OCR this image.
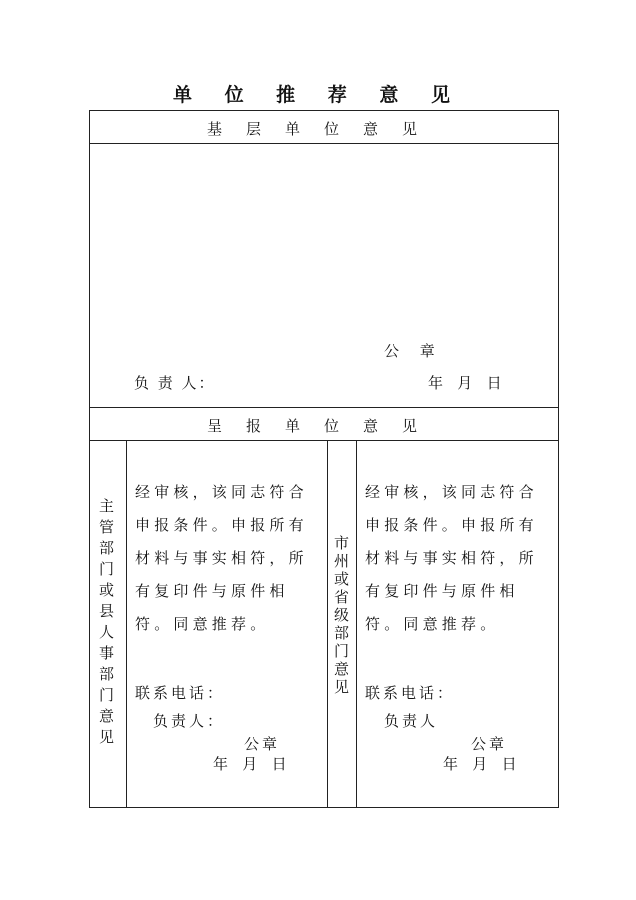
单 位 推 荐 意 见
基层单位意见
公 章
负 责 人：	年   月   日
呈报单位意见
主管部门或县人事部门意见
经审核，该同志符合申报条件。申报所有材料与事实相符，所有复印件与原件相符。同意推荐。
联系电话：
负责人：
公章
年   月   日
市州或省级部门意见
经审核，该同志符合申报条件。申报所有材料与事实相符，所有复印件与原件相符。同意推荐。
联系电话：
负责人
公章
年   月   日
